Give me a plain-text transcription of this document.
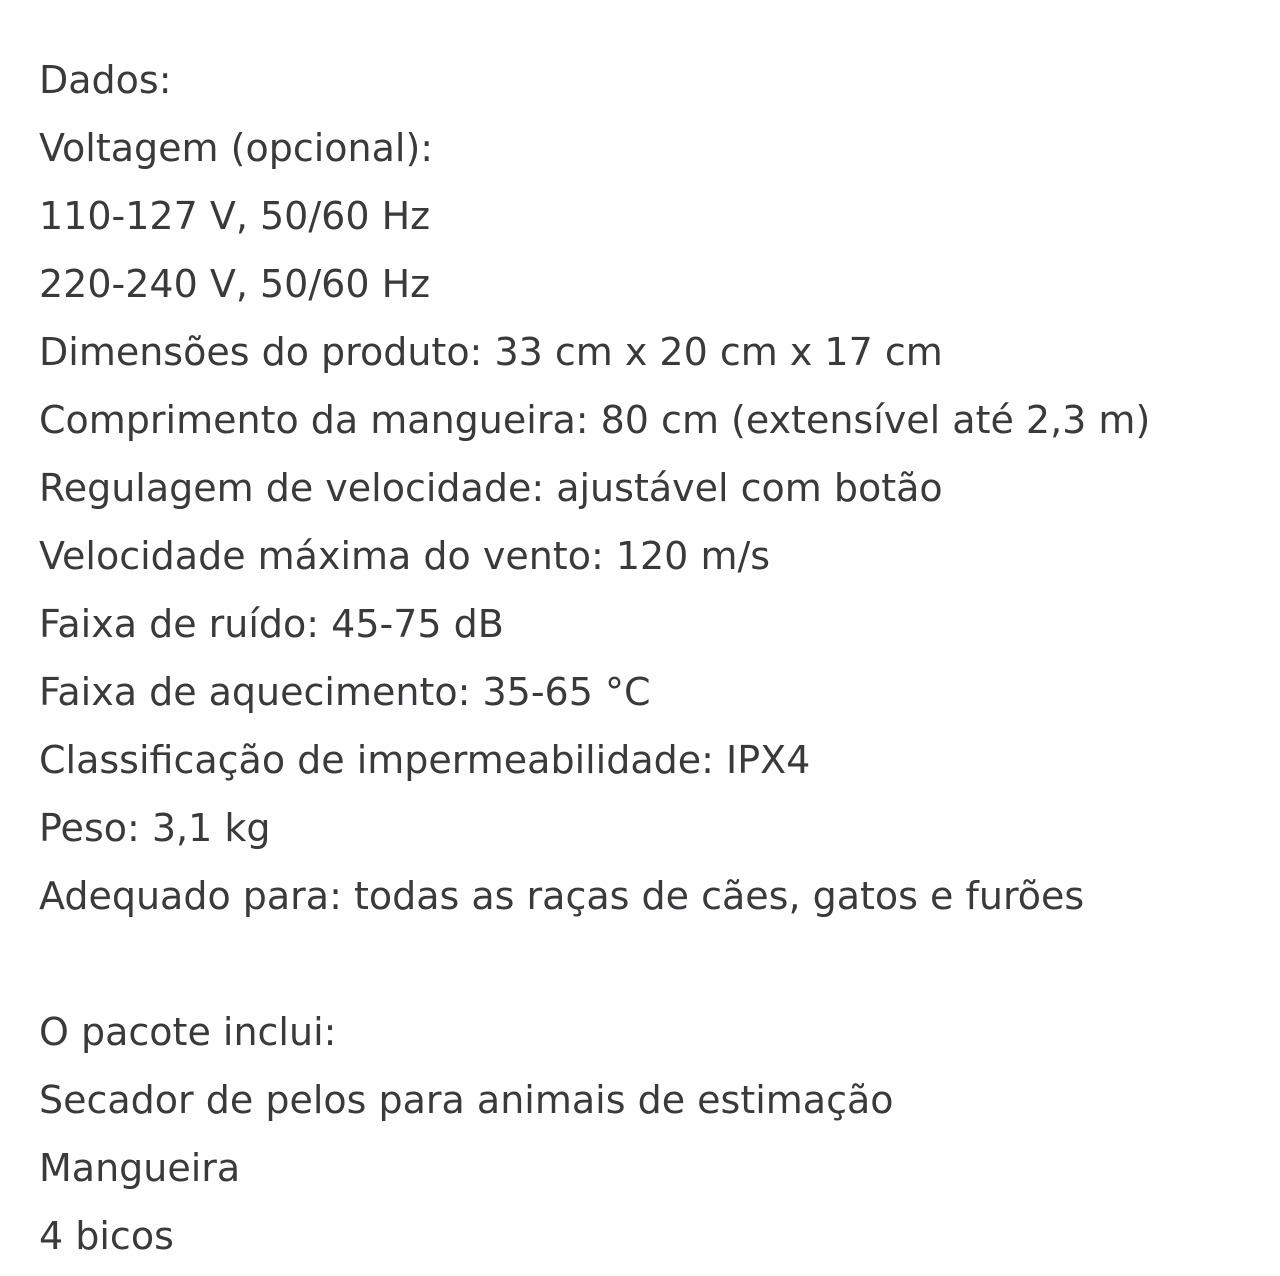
Dados:
Voltagem (opcional):
110-127 V, 50/60 Hz
220-240 V, 50/60 Hz
Dimensões do produto: 33 cm x 20 cm x 17 cm
Comprimento da mangueira: 80 cm (extensível até 2,3 m)
Regulagem de velocidade: ajustável com botão
Velocidade máxima do vento: 120 m/s
Faixa de ruído: 45-75 dB
Faixa de aquecimento: 35-65 °C
Classificação de impermeabilidade: IPX4
Peso: 3,1 kg
Adequado para: todas as raças de cães, gatos e furões
O pacote inclui:
Secador de pelos para animais de estimação
Mangueira
4 bicos
